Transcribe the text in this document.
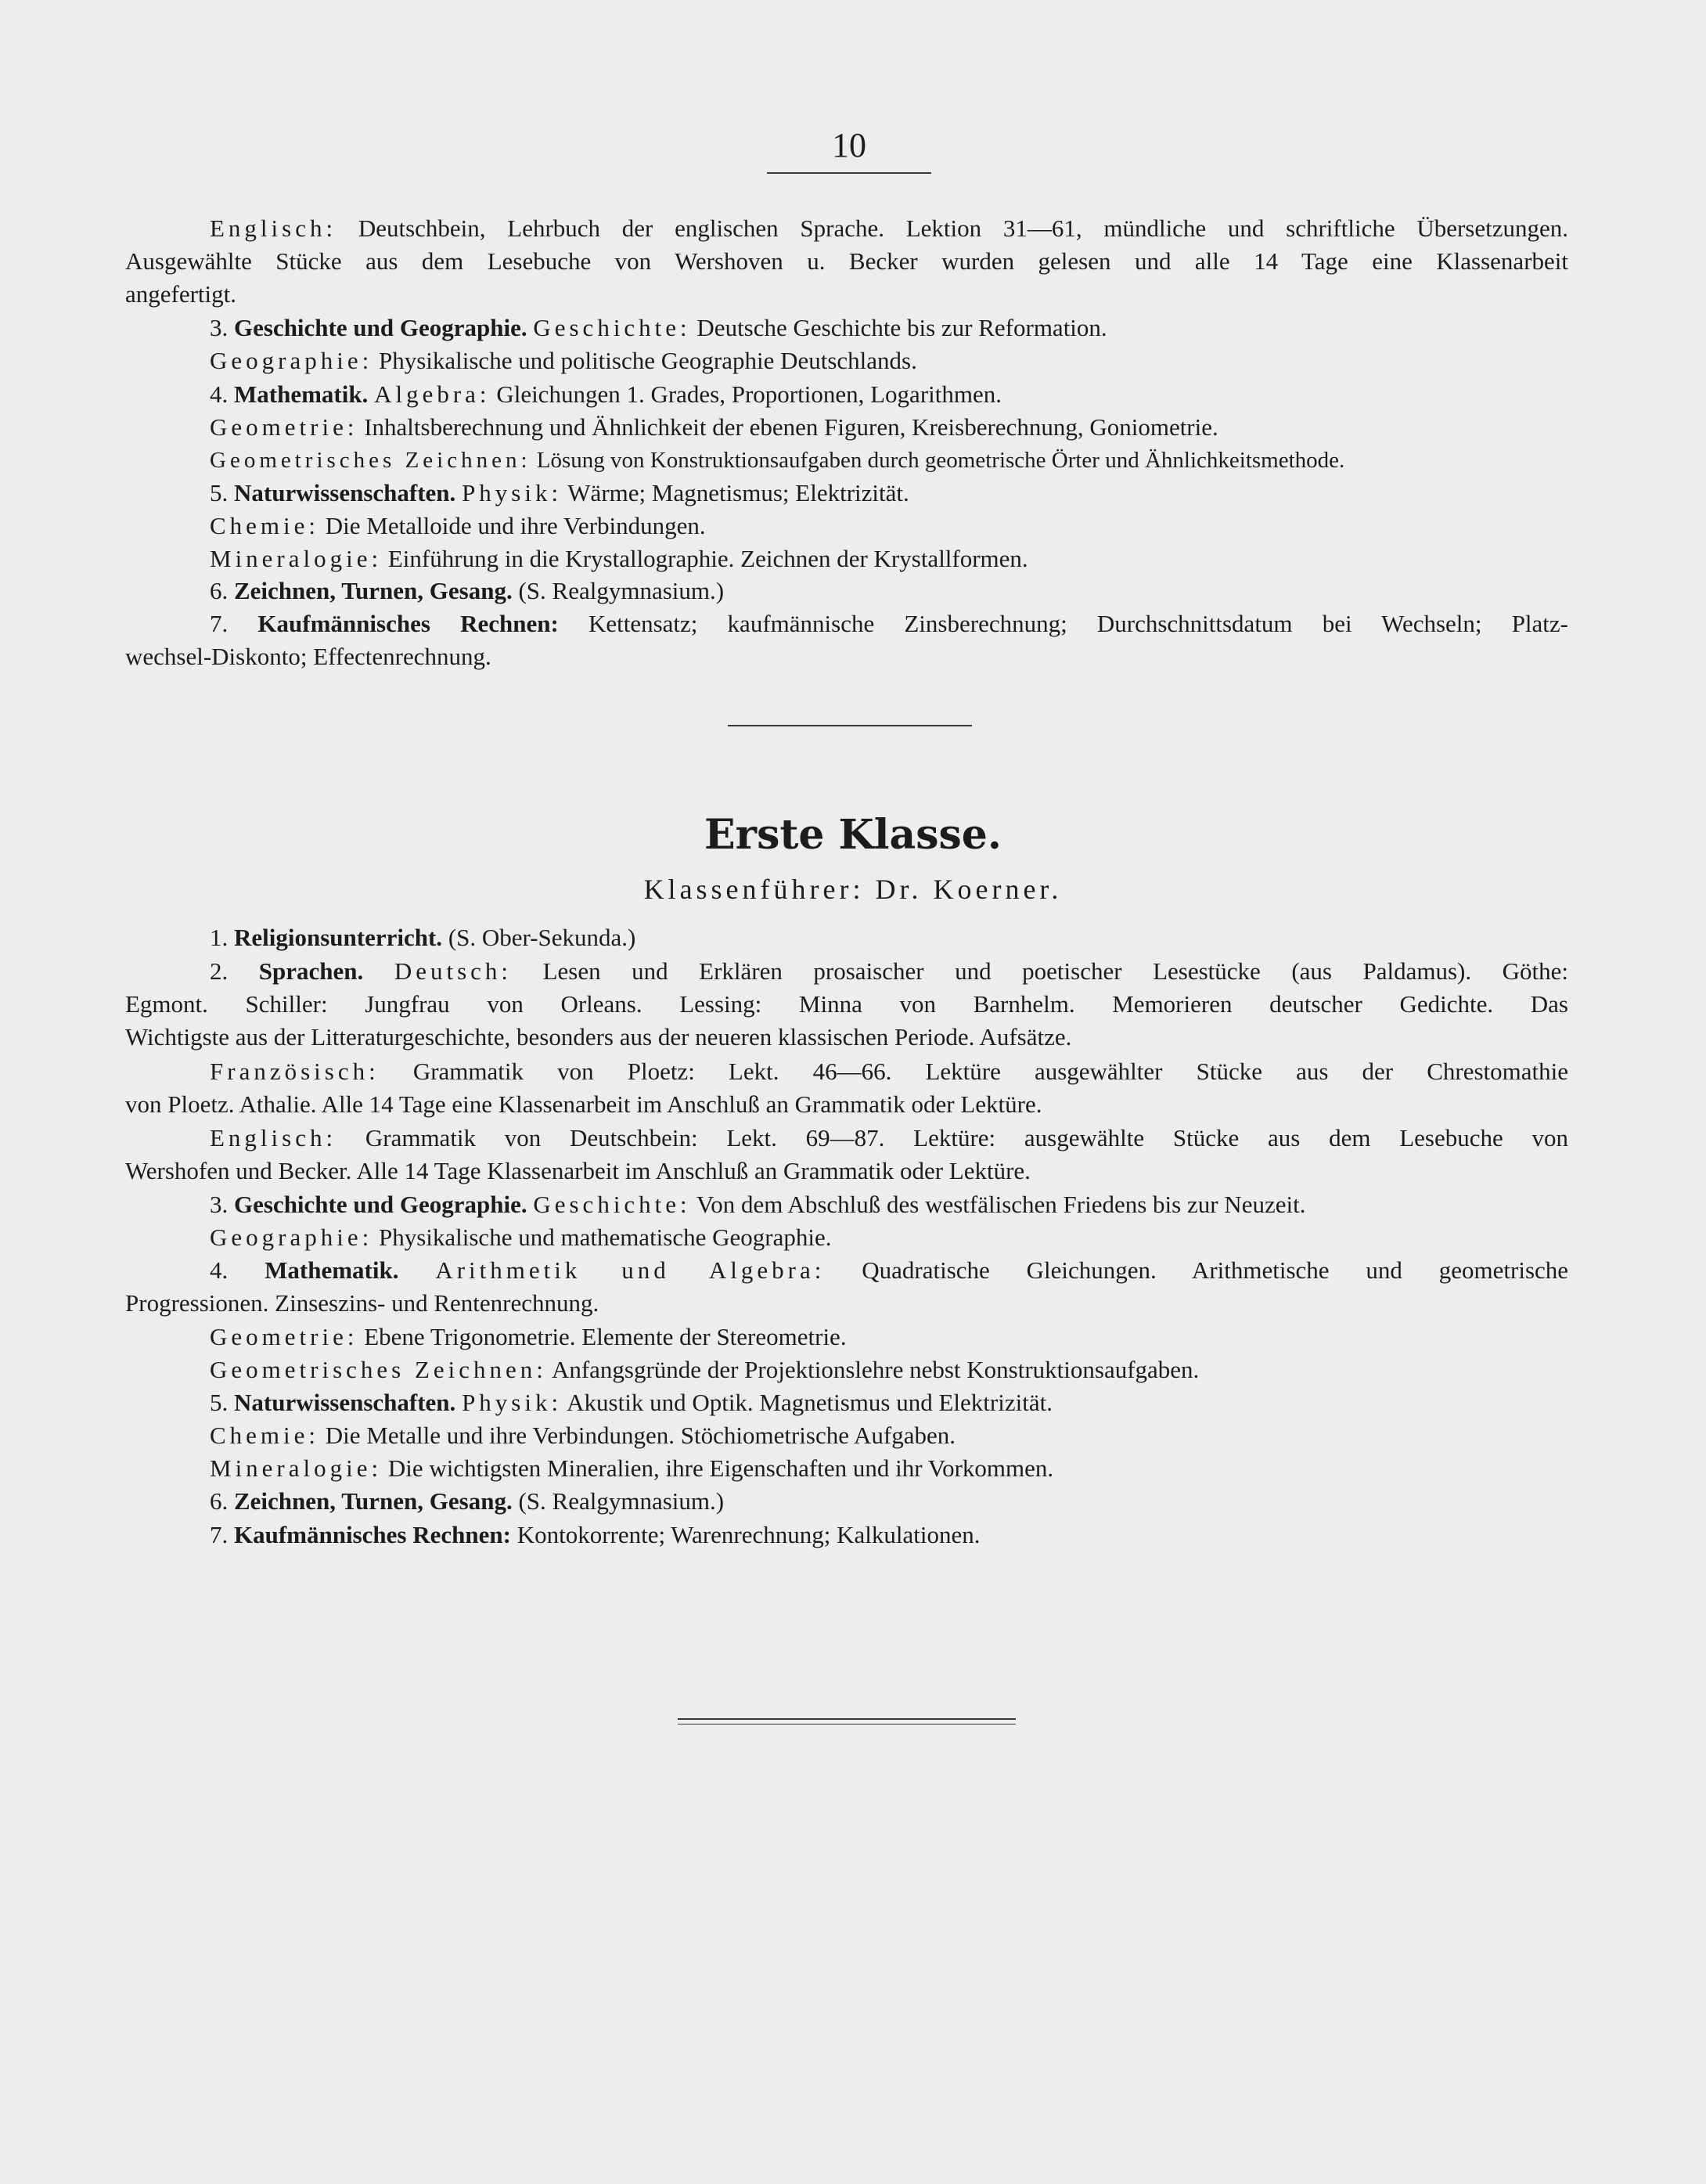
10
Englisch: Deutschbein, Lehrbuch der englischen Sprache. Lektion 31—61, mündliche und schriftliche Übersetzungen.
Ausgewählte Stücke aus dem Lesebuche von Wershoven u. Becker wurden gelesen und alle 14 Tage eine Klassenarbeit
angefertigt.
3. Geschichte und Geographie. Geschichte: Deutsche Geschichte bis zur Reformation.
Geographie: Physikalische und politische Geographie Deutschlands.
4. Mathematik. Algebra: Gleichungen 1. Grades, Proportionen, Logarithmen.
Geometrie: Inhaltsberechnung und Ähnlichkeit der ebenen Figuren, Kreisberechnung, Goniometrie.
Geometrisches Zeichnen: Lösung von Konstruktionsaufgaben durch geometrische Örter und Ähnlichkeitsmethode.
5. Naturwissenschaften. Physik: Wärme; Magnetismus; Elektrizität.
Chemie: Die Metalloide und ihre Verbindungen.
Mineralogie: Einführung in die Krystallographie. Zeichnen der Krystallformen.
6. Zeichnen, Turnen, Gesang. (S. Realgymnasium.)
7. Kaufmännisches Rechnen: Kettensatz; kaufmännische Zinsberechnung; Durchschnittsdatum bei Wechseln; Platz-
wechsel-Diskonto; Effectenrechnung.
Erste Klasse.
Klassenführer: Dr. Koerner.
1. Religionsunterricht. (S. Ober-Sekunda.)
2. Sprachen. Deutsch: Lesen und Erklären prosaischer und poetischer Lesestücke (aus Paldamus). Göthe:
Egmont. Schiller: Jungfrau von Orleans. Lessing: Minna von Barnhelm. Memorieren deutscher Gedichte. Das
Wichtigste aus der Litteraturgeschichte, besonders aus der neueren klassischen Periode. Aufsätze.
Französisch: Grammatik von Ploetz: Lekt. 46—66. Lektüre ausgewählter Stücke aus der Chrestomathie
von Ploetz. Athalie. Alle 14 Tage eine Klassenarbeit im Anschluß an Grammatik oder Lektüre.
Englisch: Grammatik von Deutschbein: Lekt. 69—87. Lektüre: ausgewählte Stücke aus dem Lesebuche von
Wershofen und Becker. Alle 14 Tage Klassenarbeit im Anschluß an Grammatik oder Lektüre.
3. Geschichte und Geographie. Geschichte: Von dem Abschluß des westfälischen Friedens bis zur Neuzeit.
Geographie: Physikalische und mathematische Geographie.
4. Mathematik. Arithmetik und Algebra: Quadratische Gleichungen. Arithmetische und geometrische
Progressionen. Zinseszins- und Rentenrechnung.
Geometrie: Ebene Trigonometrie. Elemente der Stereometrie.
Geometrisches Zeichnen: Anfangsgründe der Projektionslehre nebst Konstruktionsaufgaben.
5. Naturwissenschaften. Physik: Akustik und Optik. Magnetismus und Elektrizität.
Chemie: Die Metalle und ihre Verbindungen. Stöchiometrische Aufgaben.
Mineralogie: Die wichtigsten Mineralien, ihre Eigenschaften und ihr Vorkommen.
6. Zeichnen, Turnen, Gesang. (S. Realgymnasium.)
7. Kaufmännisches Rechnen: Kontokorrente; Warenrechnung; Kalkulationen.
